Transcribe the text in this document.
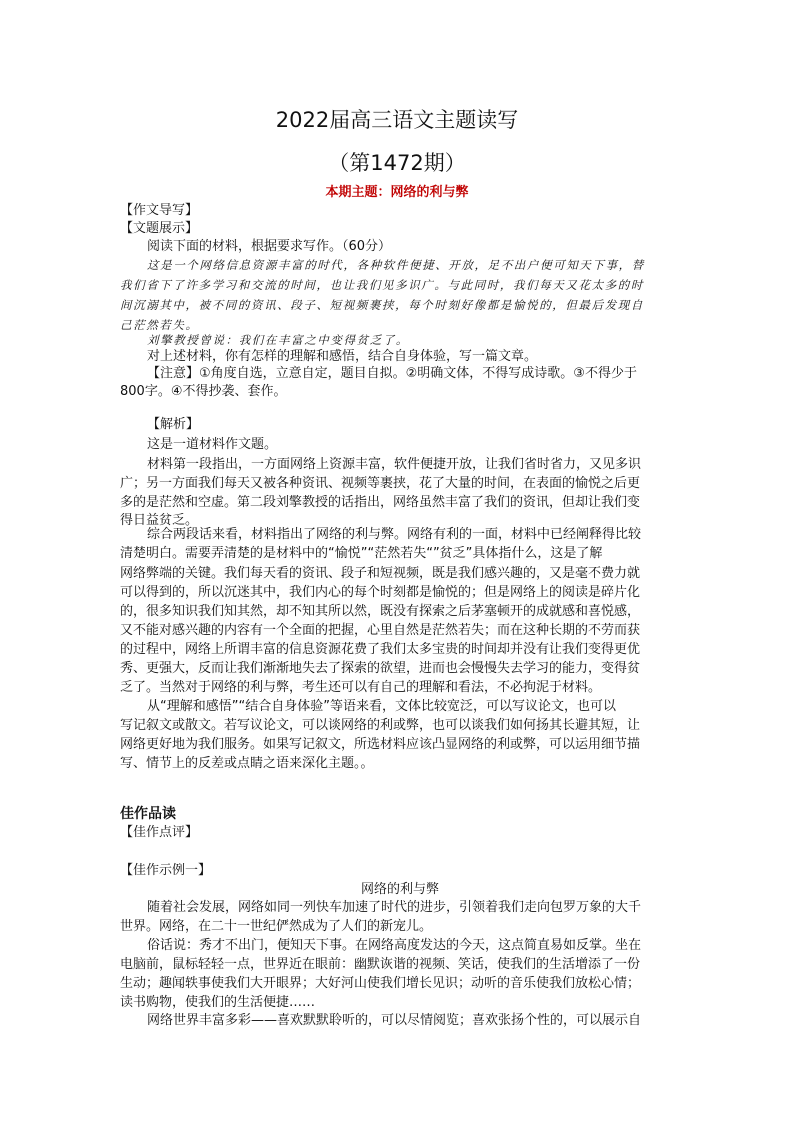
2022届高三语文主题读写
（第1472期）
本期主题：网络的利与弊
【作文导写】
【文题展示】
阅读下面的材料，根据要求写作。（60分）
这是一个网络信息资源丰富的时代，各种软件便捷、开放，足不出户便可知天下事，替
我们省下了许多学习和交流的时间，也让我们见多识广。与此同时，我们每天又花太多的时
间沉溺其中，被不同的资讯、段子、短视频裹挟，每个时刻好像都是愉悦的，但最后发现自
己茫然若失。
刘擎教授曾说：我们在丰富之中变得贫乏了。
对上述材料，你有怎样的理解和感悟，结合自身体验，写一篇文章。
【注意】①角度自选，立意自定，题目自拟。②明确文体，不得写成诗歌。③不得少于
800字。④不得抄袭、套作。
【解析】
这是一道材料作文题。
材料第一段指出，一方面网络上资源丰富，软件便捷开放，让我们省时省力，又见多识
广；另一方面我们每天又被各种资讯、视频等裹挟，花了大量的时间，在表面的愉悦之后更
多的是茫然和空虚。第二段刘擎教授的话指出，网络虽然丰富了我们的资讯，但却让我们变
得日益贫乏。
综合两段话来看，材料指出了网络的利与弊。网络有利的一面，材料中已经阐释得比较
清楚明白。需要弄清楚的是材料中的“愉悦”“茫然若失“”贫乏”具体指什么，这是了解
网络弊端的关键。我们每天看的资讯、段子和短视频，既是我们感兴趣的，又是毫不费力就
可以得到的，所以沉迷其中，我们内心的每个时刻都是愉悦的；但是网络上的阅读是碎片化
的，很多知识我们知其然，却不知其所以然，既没有探索之后茅塞顿开的成就感和喜悦感，
又不能对感兴趣的内容有一个全面的把握，心里自然是茫然若失；而在这种长期的不劳而获
的过程中，网络上所谓丰富的信息资源花费了我们太多宝贵的时间却并没有让我们变得更优
秀、更强大，反而让我们渐渐地失去了探索的欲望，进而也会慢慢失去学习的能力，变得贫
乏了。当然对于网络的利与弊，考生还可以有自己的理解和看法，不必拘泥于材料。
从“理解和感悟”“结合自身体验”等语来看，文体比较宽泛，可以写议论文，也可以
写记叙文或散文。若写议论文，可以谈网络的利或弊，也可以谈我们如何扬其长避其短，让
网络更好地为我们服务。如果写记叙文，所选材料应该凸显网络的利或弊，可以运用细节描
写、情节上的反差或点睛之语来深化主题。。
佳作品读
【佳作点评】
【佳作示例一】
网络的利与弊
随着社会发展，网络如同一列快车加速了时代的进步，引领着我们走向包罗万象的大千
世界。网络，在二十一世纪俨然成为了人们的新宠儿。
俗话说：秀才不出门，便知天下事。在网络高度发达的今天，这点简直易如反掌。坐在
电脑前，鼠标轻轻一点，世界近在眼前：幽默诙谐的视频、笑话，使我们的生活增添了一份
生动；趣闻轶事使我们大开眼界；大好河山使我们增长见识；动听的音乐使我们放松心情；
读书购物，使我们的生活便捷……
网络世界丰富多彩——喜欢默默聆听的，可以尽情阅览；喜欢张扬个性的，可以展示自
